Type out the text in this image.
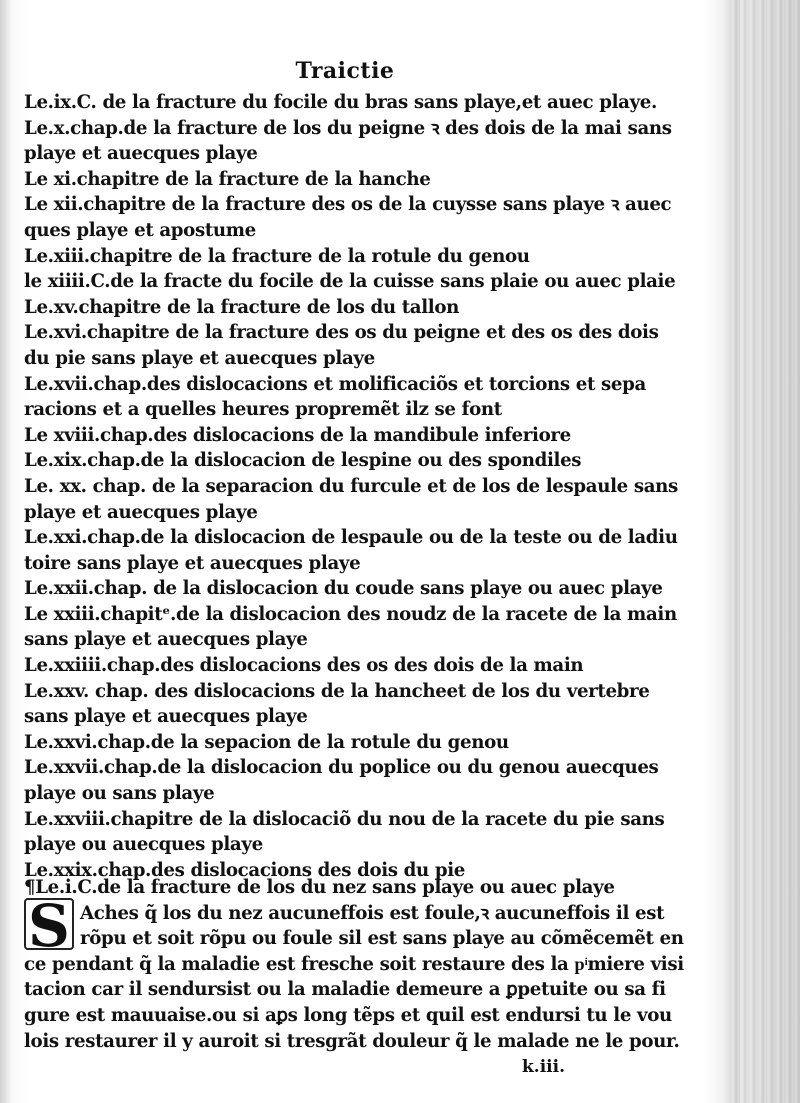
Traictie
Le.ix.C. de la fracture du focile du bras sans playe,et auec playe.
Le.x.chap.de la fracture de los du peigne ꝛ des dois de la mai sans
playe et auecques playe
Le xi.chapitre de la fracture de la hanche
Le xii.chapitre de la fracture des os de la cuysse sans playe ꝛ auec
ques playe et apostume
Le.xiii.chapitre de la fracture de la rotule du genou
le xiiii.C.de la fracte du focile de la cuisse sans plaie ou auec plaie
Le.xv.chapitre de la fracture de los du tallon
Le.xvi.chapitre de la fracture des os du peigne et des os des dois
du pie sans playe et auecques playe
Le.xvii.chap.des dislocacions et molificaciõs et torcions et sepa
racions et a quelles heures propremẽt ilz se font
Le xviii.chap.des dislocacions de la mandibule inferiore
Le.xix.chap.de la dislocacion de lespine ou des spondiles
Le. xx. chap. de la separacion du furcule et de los de lespaule sans
playe et auecques playe
Le.xxi.chap.de la dislocacion de lespaule ou de la teste ou de ladiu
toire sans playe et auecques playe
Le.xxii.chap. de la dislocacion du coude sans playe ou auec playe
Le xxiii.chapitᵉ.de la dislocacion des noudz de la racete de la main
sans playe et auecques playe
Le.xxiiii.chap.des dislocacions des os des dois de la main
Le.xxv. chap. des dislocacions de la hancheet de los du vertebre
sans playe et auecques playe
Le.xxvi.chap.de la sepacion de la rotule du genou
Le.xxvii.chap.de la dislocacion du poplice ou du genou auecques
playe ou sans playe
Le.xxviii.chapitre de la dislocaciõ du nou de la racete du pie sans
playe ou auecques playe
Le.xxix.chap.des dislocacions des dois du pie
¶Le.i.C.de la fracture de los du nez sans playe ou auec playe
Aches q̃ los du nez aucuneffois est foule,ꝛ aucuneffois il est
rõpu et soit rõpu ou foule sil est sans playe au cõmẽcemẽt en
ce pendant q̃ la maladie est fresche soit restaure des la pͥmiere visi
tacion car il sendursist ou la maladie demeure a ꝑpetuite ou sa fi
gure est mauuaise.ou si aꝑs long tẽps et quil est endursi tu le vou
lois restaurer il y auroit si tresgrãt douleur q̃ le malade ne le pour.
S
k.iii.
